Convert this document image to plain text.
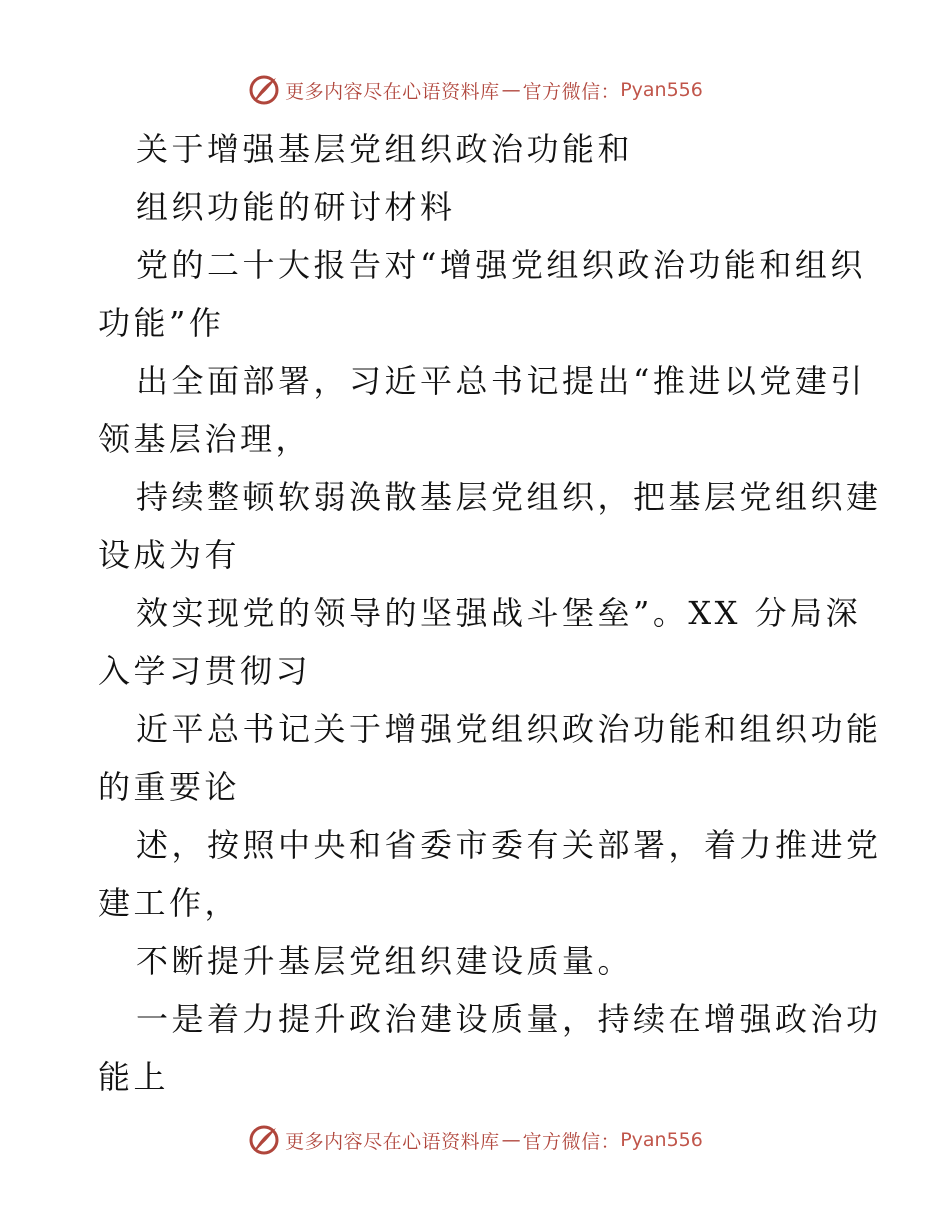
更多内容尽在心语资料库 — 官方微信： Pyan556
关于增强基层党组织政治功能和
组织功能的研讨材料
党的二十大报告对“增强党组织政治功能和组织
功能”作
出全面部署，习近平总书记提出“推进以党建引
领基层治理，
持续整顿软弱涣散基层党组织，把基层党组织建
设成为有
效实现党的领导的坚强战斗堡垒”。XX 分局深
入学习贯彻习
近平总书记关于增强党组织政治功能和组织功能
的重要论
述，按照中央和省委市委有关部署，着力推进党
建工作，
不断提升基层党组织建设质量。
一是着力提升政治建设质量，持续在增强政治功
能上
更多内容尽在心语资料库 — 官方微信： Pyan556
